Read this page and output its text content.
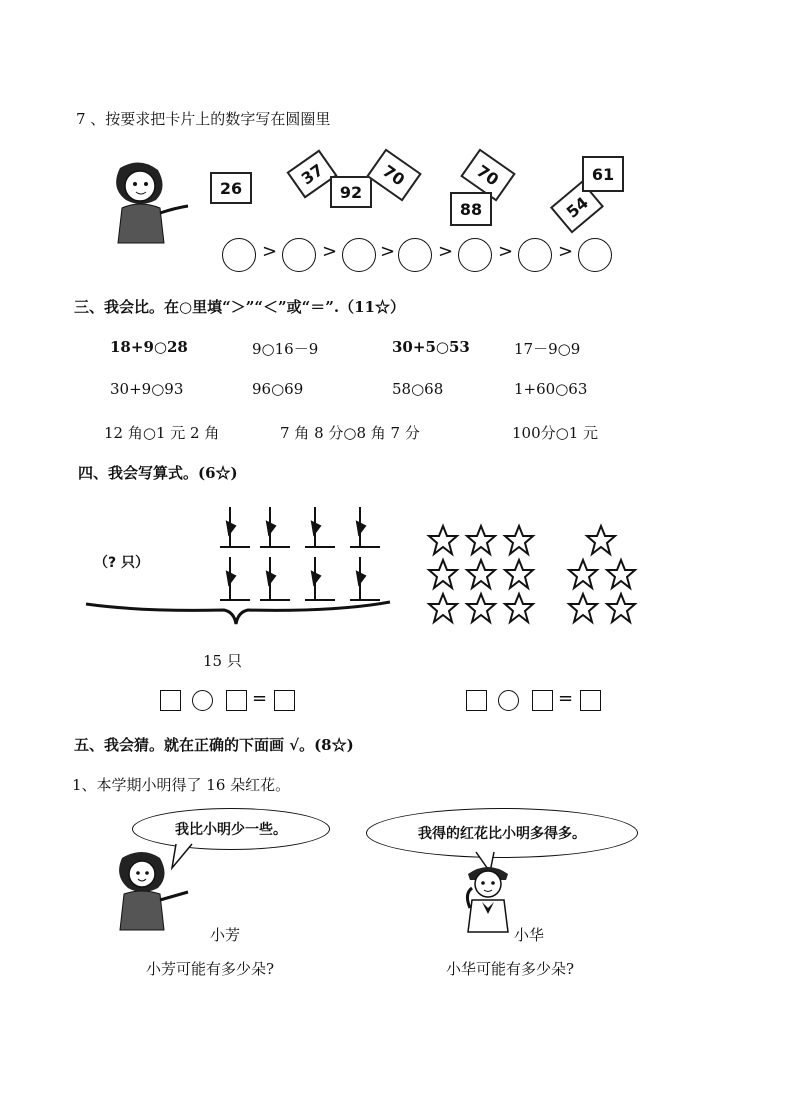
7 、按要求把卡片上的数字写在圆圈里
26	37
92
70	70
88	54
61
> > > > > >
三、我会比。在○里填“＞”“＜”或“＝”.（11☆）
18+9○28	9○16－9	30+5○53	17－9○9
30+9○93	96○69	58○68	1+60○63
12 角○1 元 2 角	7 角 8 分○8 角 7 分	100分○1 元
四、我会写算式。(6☆)
（? 只）
15 只
=	=
五、我会猜。就在正确的下面画 √。(8☆)
1、本学期小明得了 16 朵红花。
我比小明少一些。	我得的红花比小明多得多。
小芳	小华
小芳可能有多少朵?	小华可能有多少朵?
